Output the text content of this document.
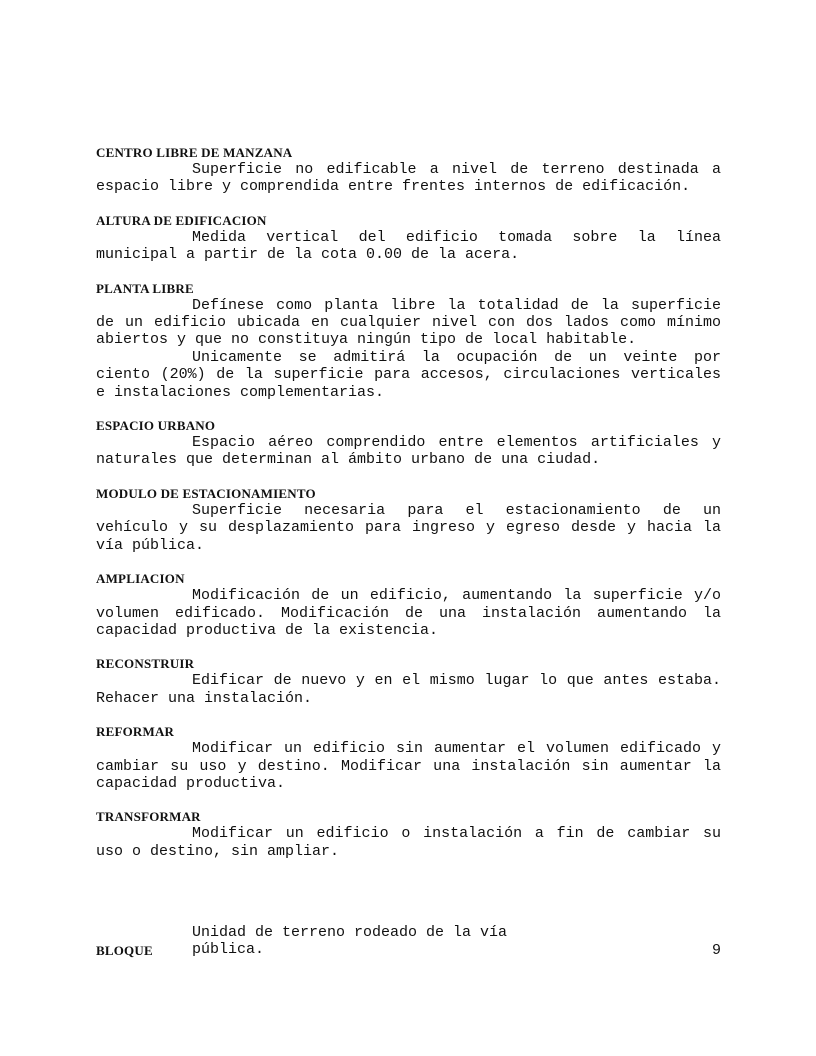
CENTRO LIBRE DE MANZANA

Superficie no edificable a nivel de terreno destinada a espacio libre y comprendida entre frentes internos de edificación.

ALTURA DE EDIFICACION

Medida vertical del edificio tomada sobre la línea municipal a partir de la cota 0.00 de la acera.

PLANTA LIBRE

Defínese como planta libre la totalidad de la superficie de un edificio ubicada en cualquier nivel con dos lados como mínimo abiertos y que no constituya ningún tipo de local habitable.

Unicamente se admitirá la ocupación de un veinte por ciento (20%) de la superficie para accesos, circulaciones verticales e instalaciones complementarias.

ESPACIO URBANO

Espacio aéreo comprendido entre elementos artificiales y naturales que determinan al ámbito urbano de una ciudad.

MODULO DE ESTACIONAMIENTO

Superficie necesaria para el estacionamiento de un vehículo y su desplazamiento para ingreso y egreso desde y hacia la vía pública.

AMPLIACION

Modificación de un edificio, aumentando la superficie y/o volumen edificado. Modificación de una instalación aumentando la capacidad productiva de la existencia.

RECONSTRUIR

Edificar de nuevo y en el mismo lugar lo que antes estaba. Rehacer una instalación.

REFORMAR

Modificar un edificio sin aumentar el volumen edificado y cambiar su uso y destino. Modificar una instalación sin aumentar la capacidad productiva.

TRANSFORMAR

Modificar un edificio o instalación a fin de cambiar su uso o destino, sin ampliar.

BLOQUE

Unidad de terreno rodeado de la vía pública.	9
